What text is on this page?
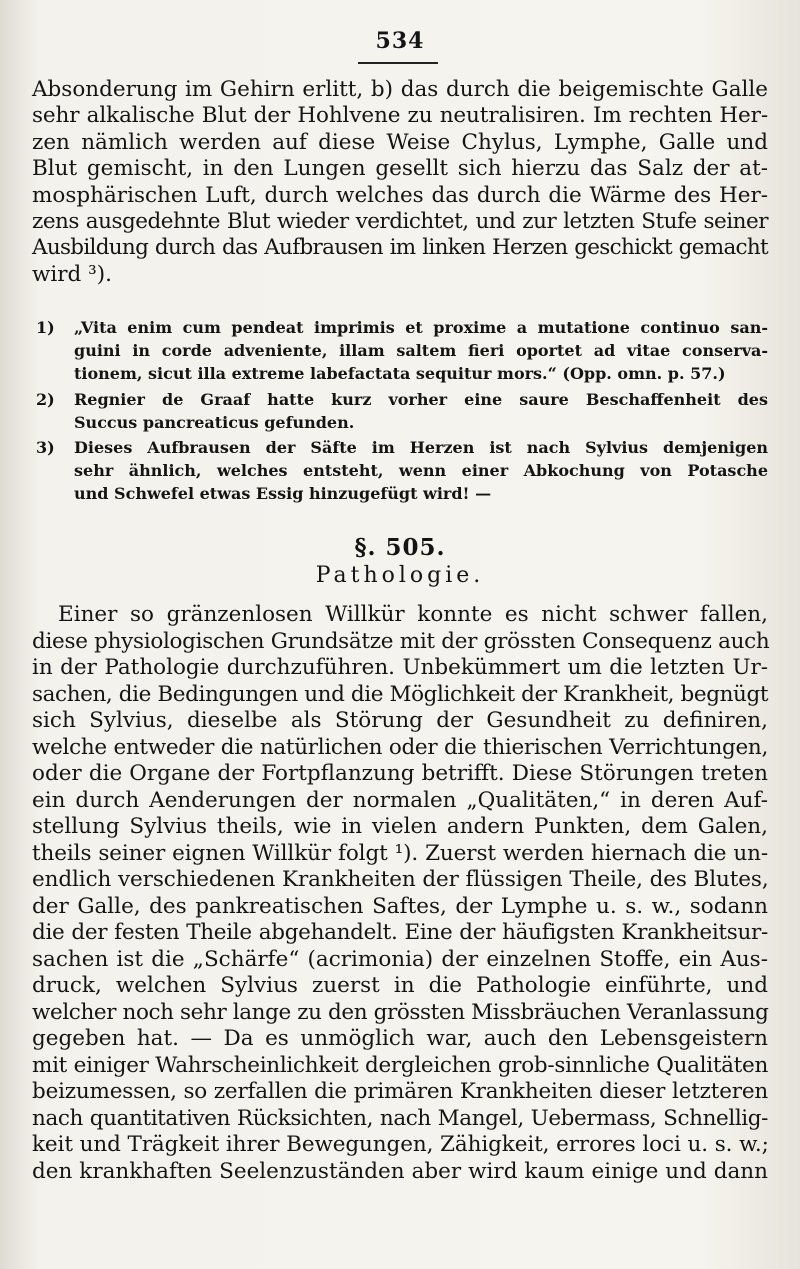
534
Absonderung im Gehirn erlitt, b) das durch die beigemischte Galle
sehr alkalische Blut der Hohlvene zu neutralisiren. Im rechten Her-
zen nämlich werden auf diese Weise Chylus, Lymphe, Galle und
Blut gemischt, in den Lungen gesellt sich hierzu das Salz der at-
mosphärischen Luft, durch welches das durch die Wärme des Her-
zens ausgedehnte Blut wieder verdichtet, und zur letzten Stufe seiner
Ausbildung durch das Aufbrausen im linken Herzen geschickt gemacht
wird ³).
1) „Vita enim cum pendeat imprimis et proxime a mutatione continuo san-
guini in corde adveniente, illam saltem fieri oportet ad vitae conserva-
tionem, sicut illa extreme labefactata sequitur mors.“ (Opp. omn. p. 57.)
2) Regnier de Graaf hatte kurz vorher eine saure Beschaffenheit des
Succus pancreaticus gefunden.
3) Dieses Aufbrausen der Säfte im Herzen ist nach Sylvius demjenigen
sehr ähnlich, welches entsteht, wenn einer Abkochung von Potasche
und Schwefel etwas Essig hinzugefügt wird! —
§. 505.
Pathologie.
Einer so gränzenlosen Willkür konnte es nicht schwer fallen,
diese physiologischen Grundsätze mit der grössten Consequenz auch
in der Pathologie durchzuführen. Unbekümmert um die letzten Ur-
sachen, die Bedingungen und die Möglichkeit der Krankheit, begnügt
sich Sylvius, dieselbe als Störung der Gesundheit zu definiren,
welche entweder die natürlichen oder die thierischen Verrichtungen,
oder die Organe der Fortpflanzung betrifft. Diese Störungen treten
ein durch Aenderungen der normalen „Qualitäten,“ in deren Auf-
stellung Sylvius theils, wie in vielen andern Punkten, dem Galen,
theils seiner eignen Willkür folgt ¹). Zuerst werden hiernach die un-
endlich verschiedenen Krankheiten der flüssigen Theile, des Blutes,
der Galle, des pankreatischen Saftes, der Lymphe u. s. w., sodann
die der festen Theile abgehandelt. Eine der häufigsten Krankheitsur-
sachen ist die „Schärfe“ (acrimonia) der einzelnen Stoffe, ein Aus-
druck, welchen Sylvius zuerst in die Pathologie einführte, und
welcher noch sehr lange zu den grössten Missbräuchen Veranlassung
gegeben hat. — Da es unmöglich war, auch den Lebensgeistern
mit einiger Wahrscheinlichkeit dergleichen grob-sinnliche Qualitäten
beizumessen, so zerfallen die primären Krankheiten dieser letzteren
nach quantitativen Rücksichten, nach Mangel, Uebermass, Schnellig-
keit und Trägkeit ihrer Bewegungen, Zähigkeit, errores loci u. s. w.;
den krankhaften Seelenzuständen aber wird kaum einige und dann
